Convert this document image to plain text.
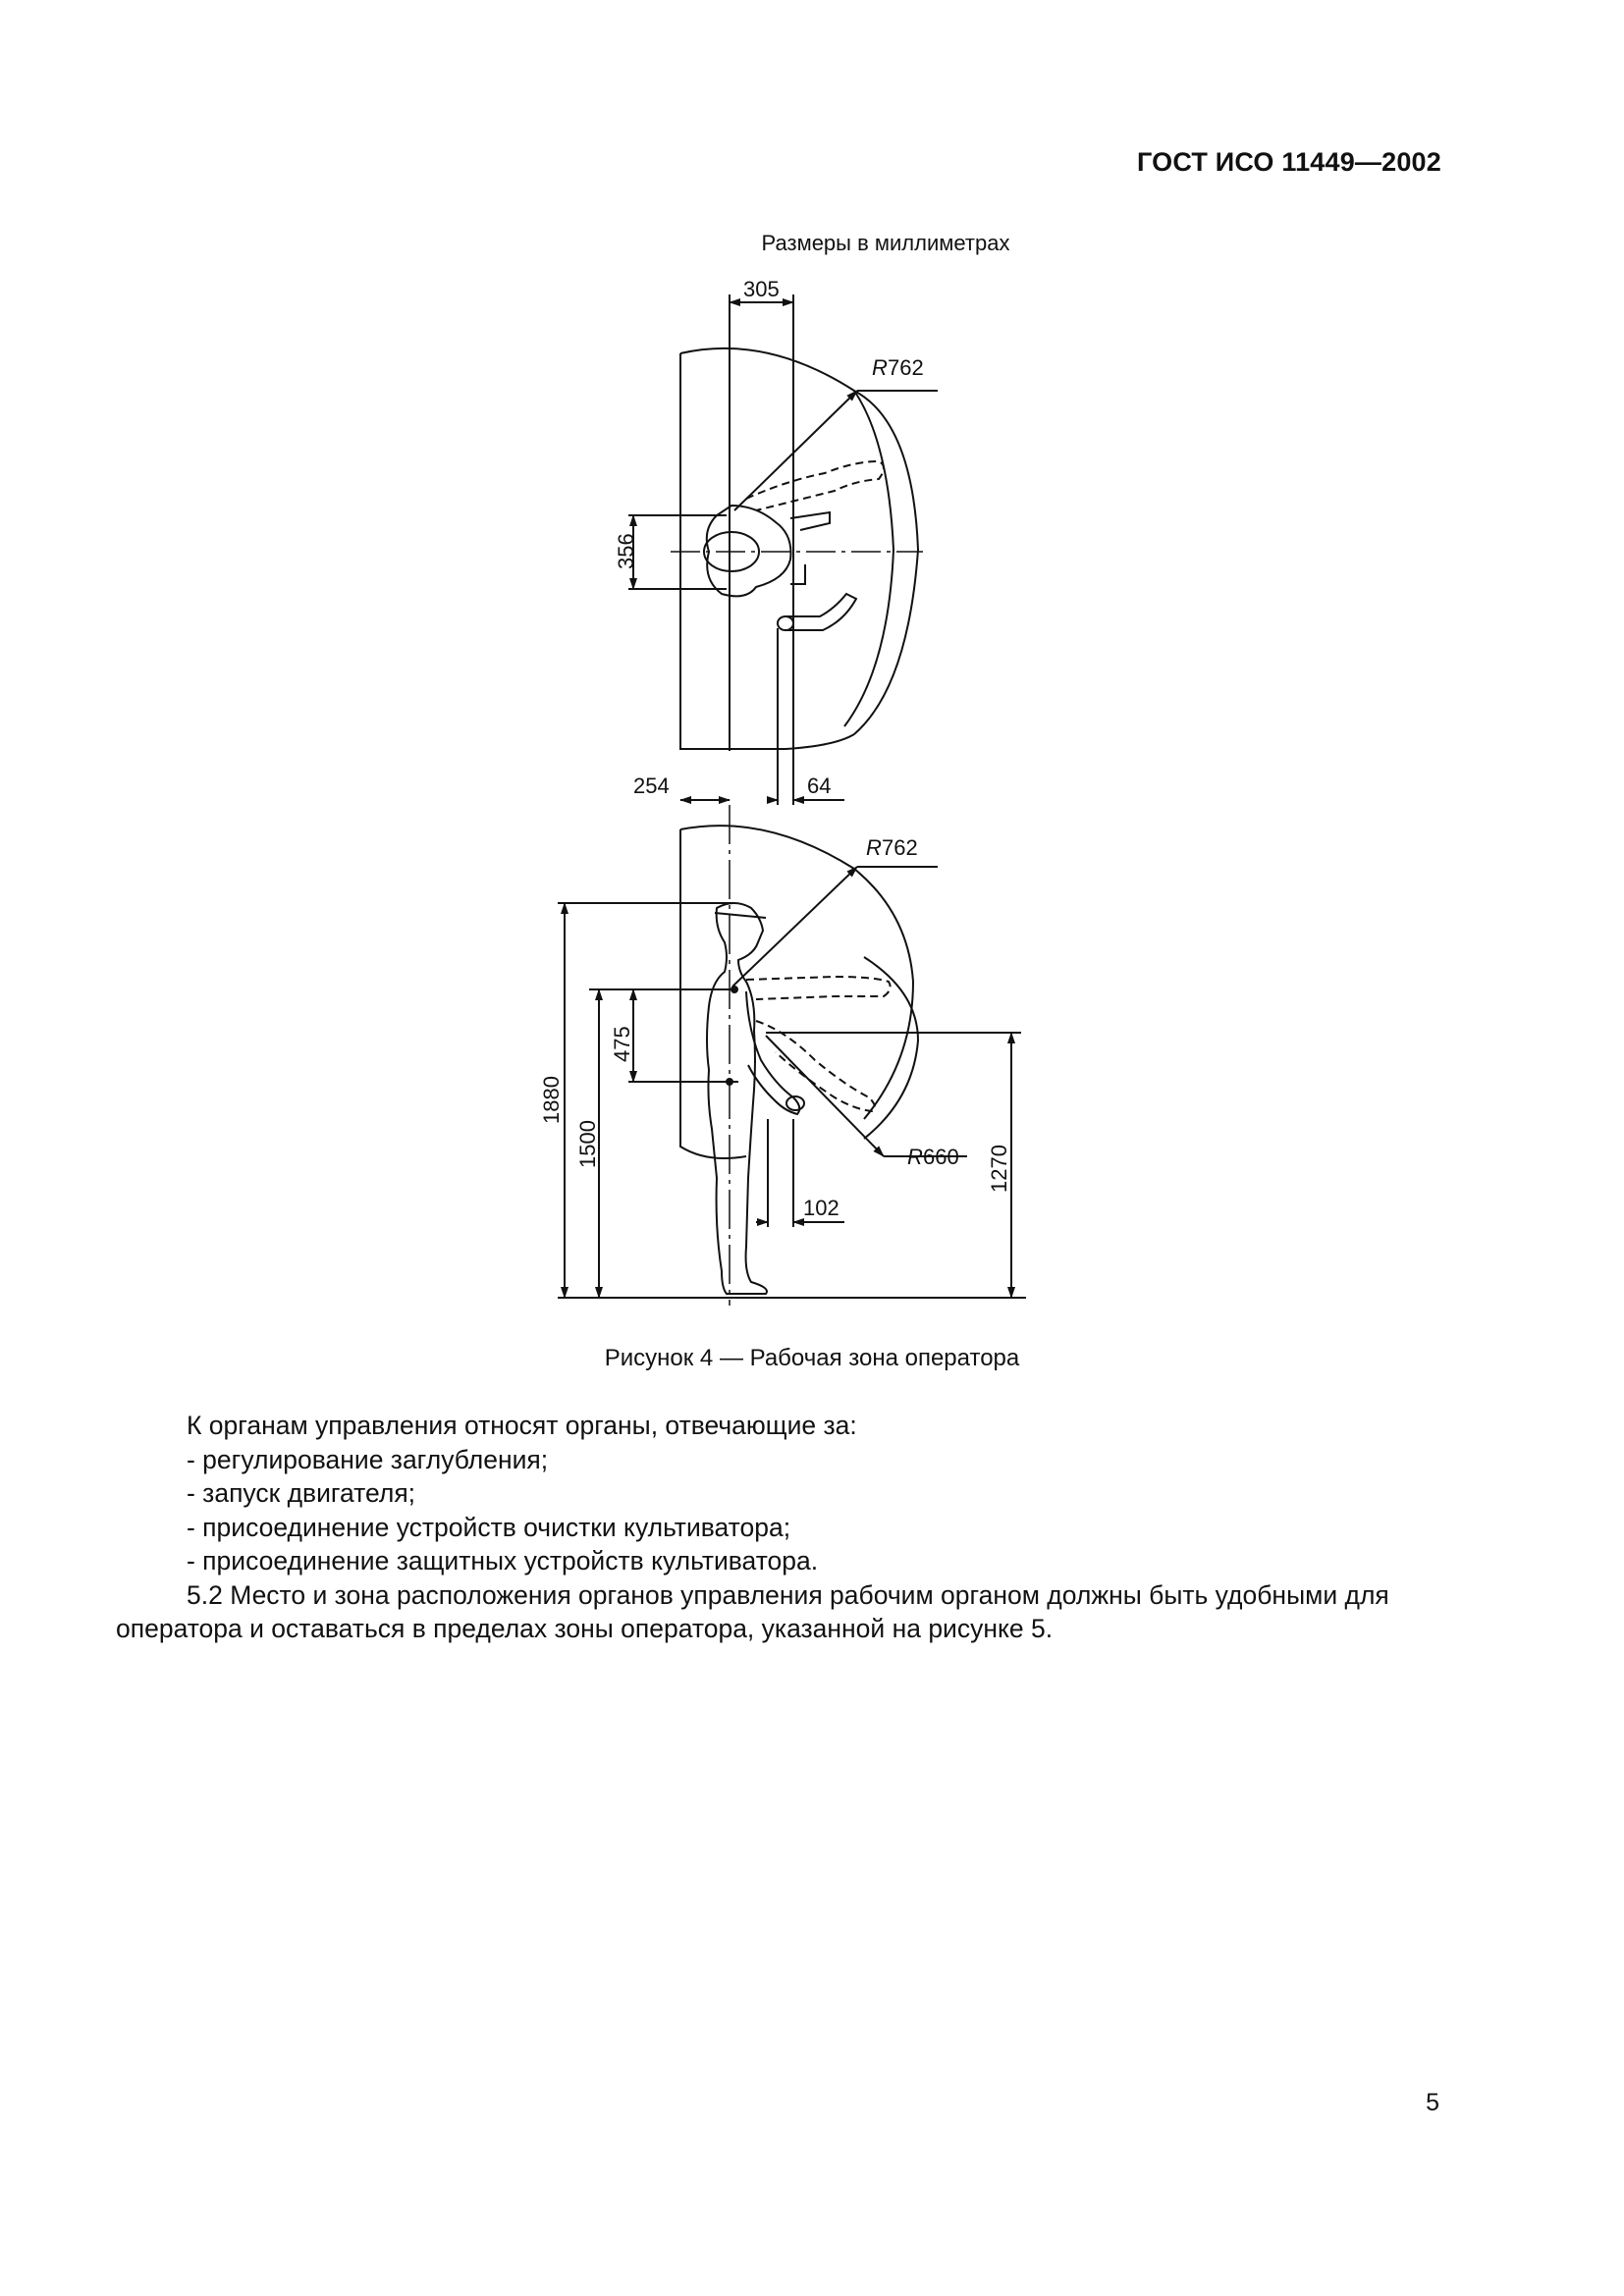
ГОСТ ИСО 11449—2002
Размеры в миллиметрах
305
R 762
356
254	64
R 762
1880
1500
475
R 660 1270
102
Рисунок 4 — Рабочая зона оператора

К органам управления относят органы, отвечающие за:

- регулирование заглубления;

- запуск двигателя;

- присоединение устройств очистки культиватора;

- присоединение защитных устройств культиватора.

5.2 Место и зона расположения органов управления рабочим органом должны быть удобными для

оператора и оставаться в пределах зоны оператора, указанной на рисунке 5.

5
